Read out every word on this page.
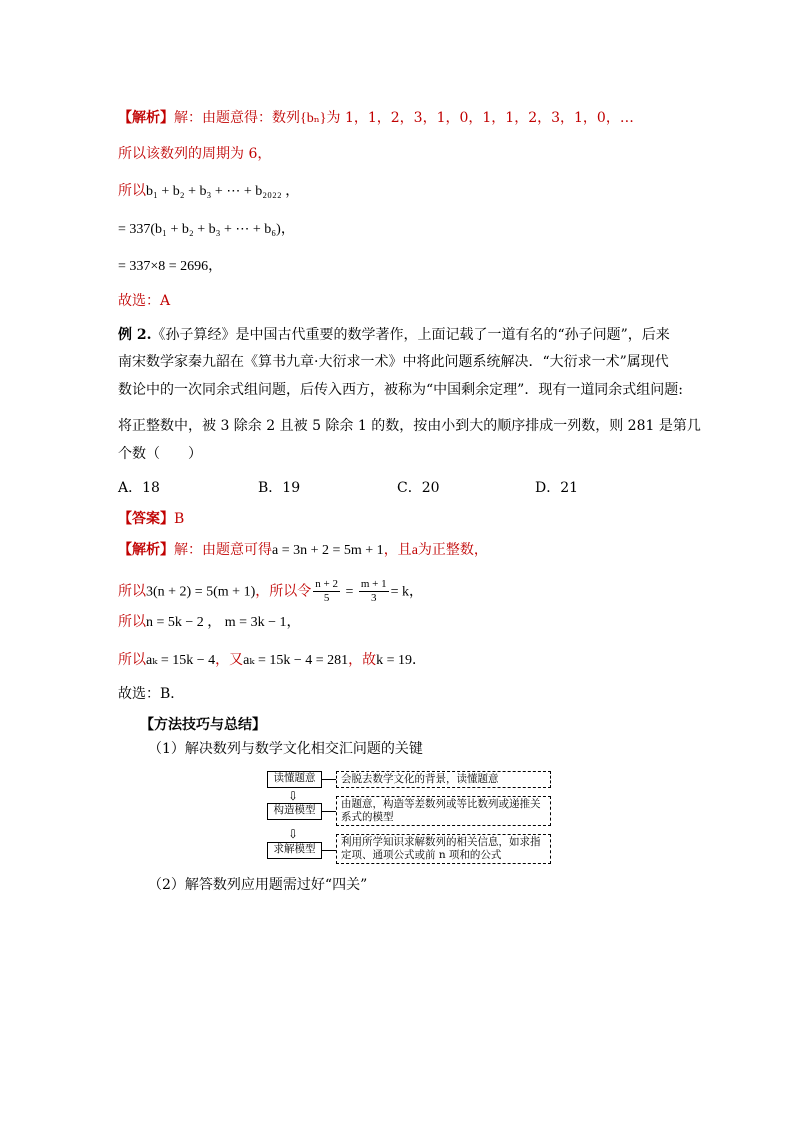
【解析】解：由题意得：数列{bₙ}为 1，1，2，3，1，0，1，1，2，3，1，0，…
所以该数列的周期为 6，
所以b₁ + b₂ + b₃ + ⋯ + b₂₀₂₂ ，
= 337(b₁ + b₂ + b₃ + ⋯ + b₆)，
= 337×8 = 2696，
故选：A
例 2.《孙子算经》是中国古代重要的数学著作，上面记载了一道有名的“孙子问题”，后来
南宋数学家秦九韶在《算书九章·大衍求一术》中将此问题系统解决．“大衍求一术”属现代
数论中的一次同余式组问题，后传入西方，被称为“中国剩余定理”．现有一道同余式组问题:
将正整数中，被 3 除余 2 且被 5 除余 1 的数，按由小到大的顺序排成一列数，则 281 是第几
个数（　　）
A．18	B．19	C．20	D．21
【答案】B
【解析】解：由题意可得a = 3n + 2 = 5m + 1，且a为正整数，
所以3(n + 2) = 5(m + 1)，所以令 $\frac{n + 2}{5} = \frac{m + 1}{3} = k$，
所以n = 5k − 2 ， m = 3k − 1，
所以aₖ = 15k − 4，又aₖ = 15k − 4 = 281，故k = 19．
故选：B．
【方法技巧与总结】
（1）解决数列与数学文化相交汇问题的关键
读懂题意	会脱去数学文化的背景，读懂题意
⇩
构造模型	由题意，构造等差数列或等比数列或递推关系式的模型
⇩
求解模型
利用所学知识求解数列的相关信息，如求指定项、通项公式或前 n 项和的公式
（2）解答数列应用题需过好“四关”
